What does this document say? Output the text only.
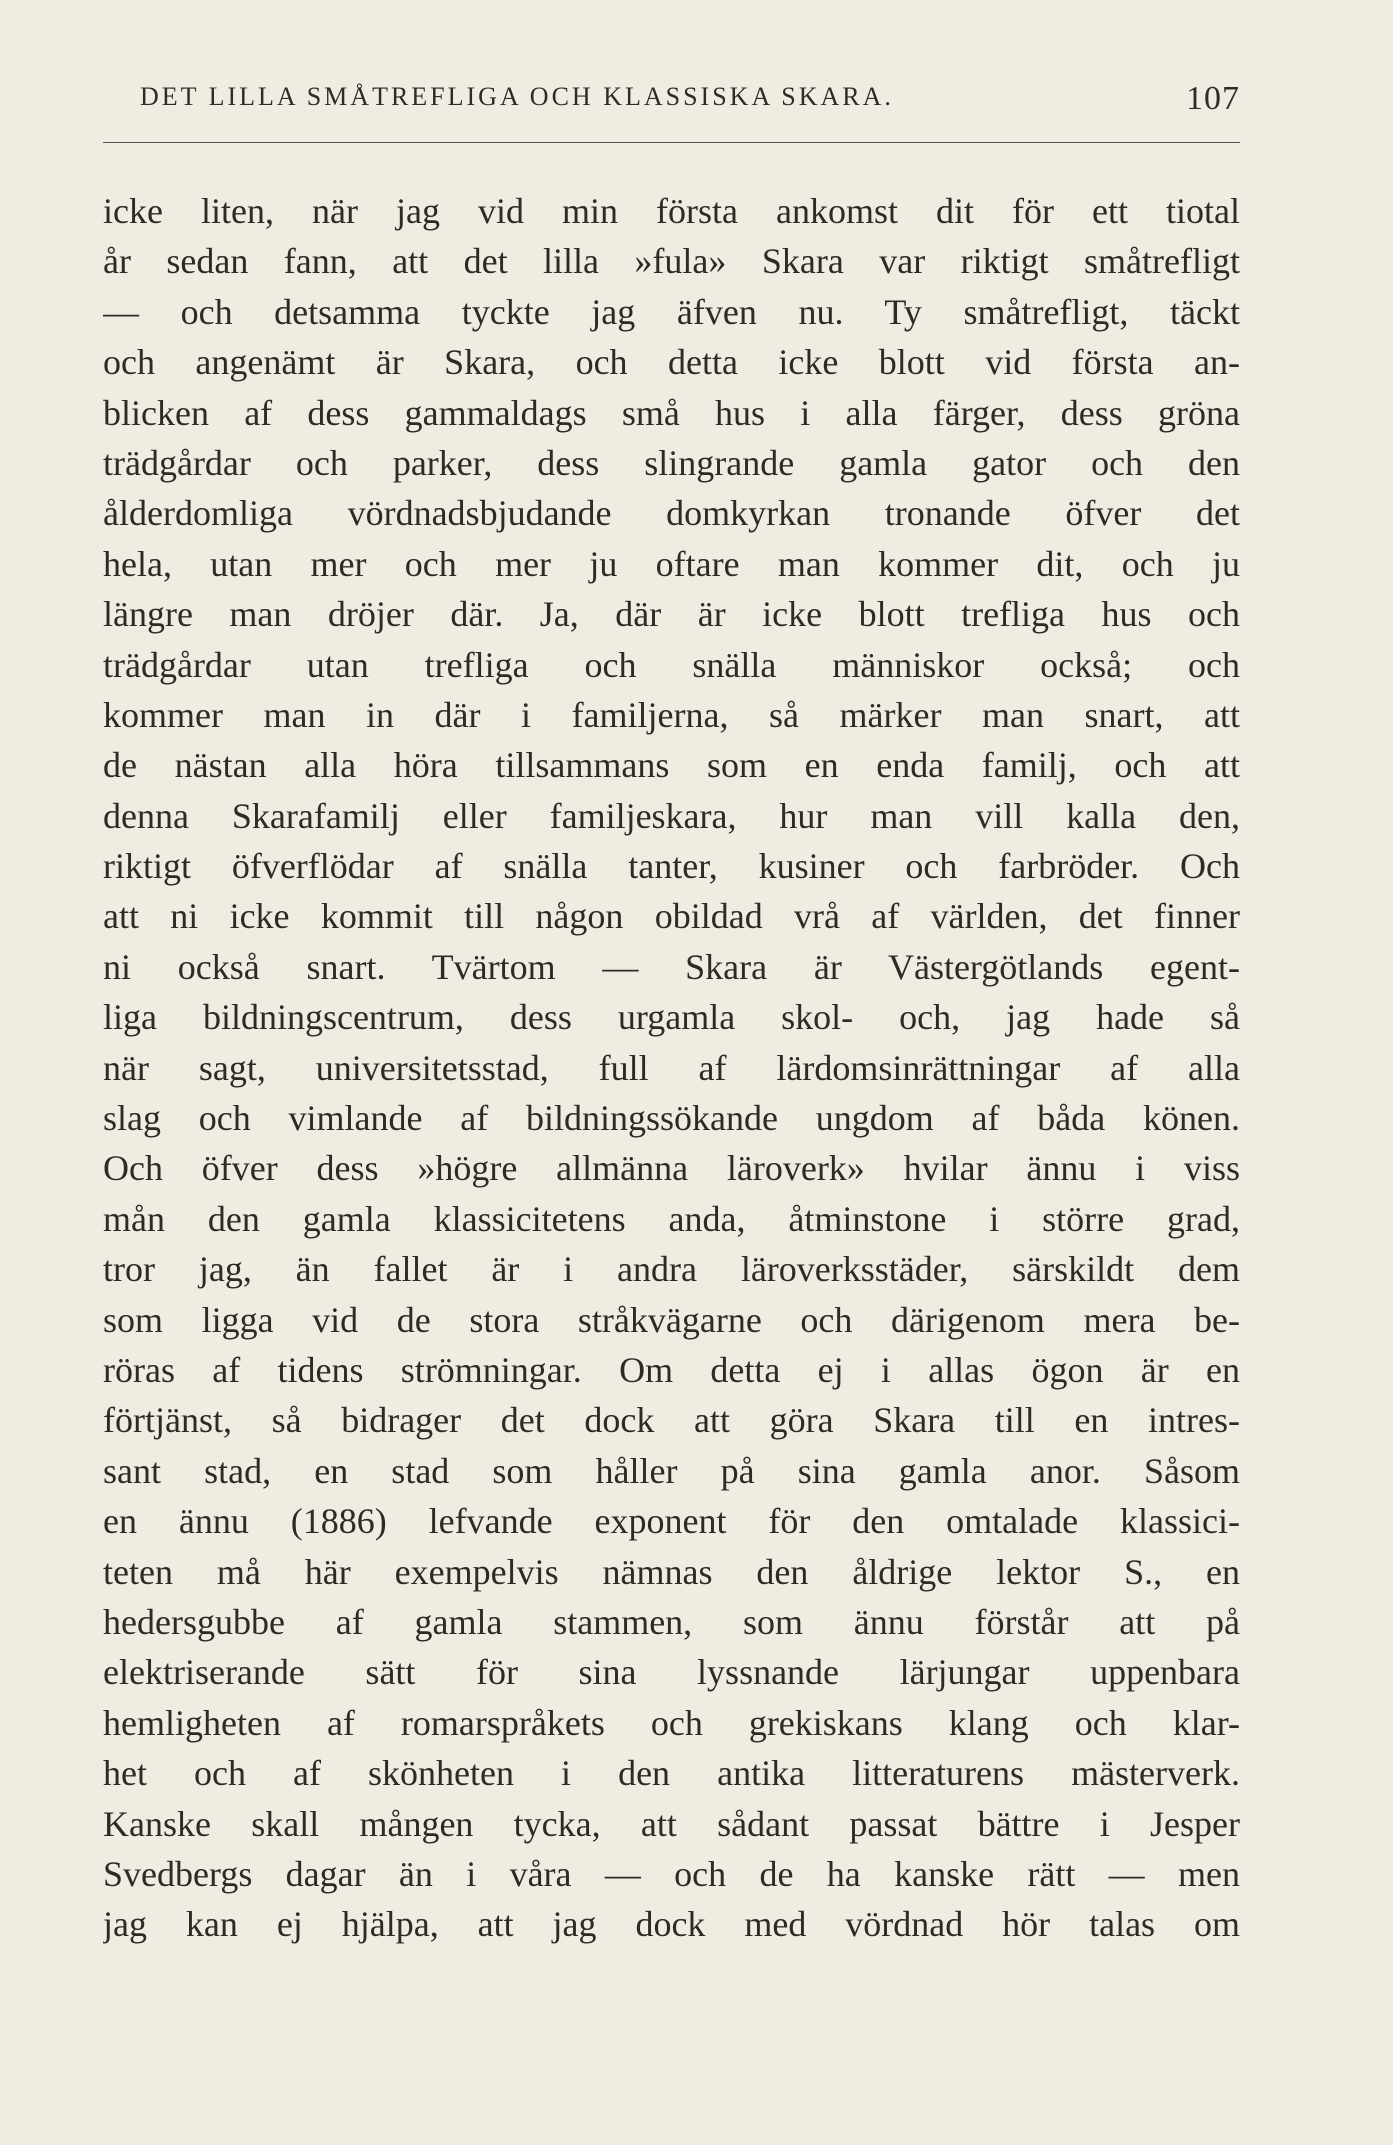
DET LILLA SMÅTREFLIGA OCH KLASSISKA SKARA.	107
icke liten, när jag vid min första ankomst dit för ett tiotal
år sedan fann, att det lilla »fula» Skara var riktigt småtrefligt
— och detsamma tyckte jag äfven nu. Ty småtrefligt, täckt
och angenämt är Skara, och detta icke blott vid första an-
blicken af dess gammaldags små hus i alla färger, dess gröna
trädgårdar och parker, dess slingrande gamla gator och den
ålderdomliga vördnadsbjudande domkyrkan tronande öfver det
hela, utan mer och mer ju oftare man kommer dit, och ju
längre man dröjer där. Ja, där är icke blott trefliga hus och
trädgårdar utan trefliga och snälla människor också; och
kommer man in där i familjerna, så märker man snart, att
de nästan alla höra tillsammans som en enda familj, och att
denna Skarafamilj eller familjeskara, hur man vill kalla den,
riktigt öfverflödar af snälla tanter, kusiner och farbröder. Och
att ni icke kommit till någon obildad vrå af världen, det finner
ni också snart. Tvärtom — Skara är Västergötlands egent-
liga bildningscentrum, dess urgamla skol- och, jag hade så
när sagt, universitetsstad, full af lärdomsinrättningar af alla
slag och vimlande af bildningssökande ungdom af båda könen.
Och öfver dess »högre allmänna läroverk» hvilar ännu i viss
mån den gamla klassicitetens anda, åtminstone i större grad,
tror jag, än fallet är i andra läroverksstäder, särskildt dem
som ligga vid de stora stråkvägarne och därigenom mera be-
röras af tidens strömningar. Om detta ej i allas ögon är en
förtjänst, så bidrager det dock att göra Skara till en intres-
sant stad, en stad som håller på sina gamla anor. Såsom
en ännu (1886) lefvande exponent för den omtalade klassici-
teten må här exempelvis nämnas den åldrige lektor S., en
hedersgubbe af gamla stammen, som ännu förstår att på
elektriserande sätt för sina lyssnande lärjungar uppenbara
hemligheten af romarspråkets och grekiskans klang och klar-
het och af skönheten i den antika litteraturens mästerverk.
Kanske skall mången tycka, att sådant passat bättre i Jesper
Svedbergs dagar än i våra — och de ha kanske rätt — men
jag kan ej hjälpa, att jag dock med vördnad hör talas om
